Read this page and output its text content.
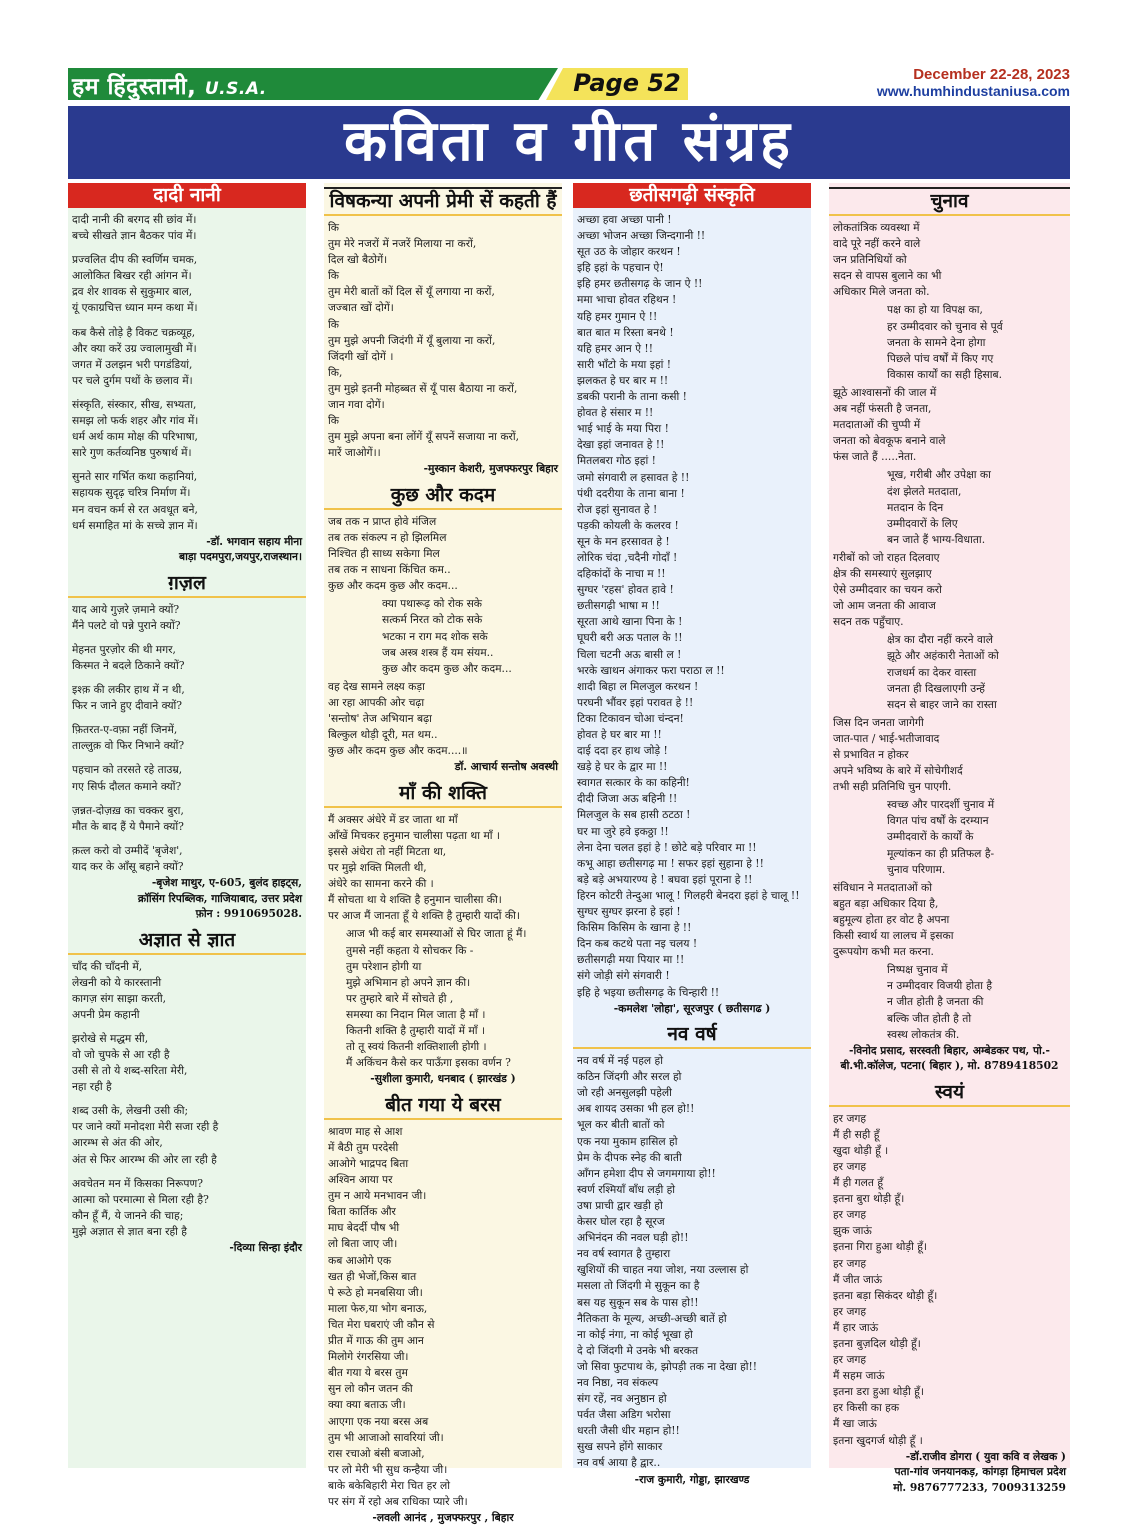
हम हिंदुस्तानी, U.S.A.	Page 52	December 22-28, 2023
www.humhindustaniusa.com
कविता व गीत संग्रह
दादी नानी
दादी नानी की बरगद सी छांव में।
बच्चे सीखते ज्ञान बैठकर पांव में।
प्रज्वलित दीप की स्वर्णिम चमक,
आलोकित बिखर रही आंगन में।
द्रव शेर शावक से सुकुमार बाल,
यूं एकाग्रचित्त ध्यान मग्न कथा में।
कब कैसे तोड़े है विकट चक्रव्यूह,
और क्या करें उग्र ज्वालामुखी में।
जगत में उलझन भरी पगडंडियां,
पर चले दुर्गम पथों के छलाव में।
संस्कृति, संस्कार, सीख, सभ्यता,
समझ लो फर्क शहर और गांव में।
धर्म अर्थ काम मोक्ष की परिभाषा,
सारे गुण कर्तव्यनिष्ठ पुरुषार्थ में।
सुनते सार गर्भित कथा कहानियां,
सहायक सुदृढ़ चरित्र निर्माण में।
मन वचन कर्म से रत अवधूत बने,
धर्म समाहित मां के सच्चे ज्ञान में।
-डॉ. भगवान सहाय मीना
बाड़ा पदमपुरा,जयपुर,राजस्थान।
ग़ज़ल
याद आये गुज़रे ज़माने क्यों?
मैंने पलटे वो पन्ने पुराने क्यों?
मेहनत पुरज़ोर की थी मगर,
किस्मत ने बदले ठिकाने क्यों?
इश्क़ की लकीर हाथ में न थी,
फिर न जाने हुए दीवाने क्यों?
फ़ितरत-ए-वफ़ा नहीं जिनमें,
ताल्लुक़ वो फिर निभाने क्यों?
पहचान को तरसते रहे ताउम्र,
गए सिर्फ दौलत कमाने क्यों?
ज़न्नत-दोज़ख़ का चक्कर बुरा,
मौत के बाद हैं ये पैमाने क्यों?
क़त्ल करो वो उम्मीदें 'बृजेश',
याद कर के आँसू बहाने क्यों?
-बृजेश माथुर, ए-605, बुलंद हाइट्स,
क्रॉसिंग रिपब्लिक, गाजियाबाद, उत्तर प्रदेश
फ़ोन : 9910695028.
अज्ञात से ज्ञात
चाँद की चाँदनी में,
लेखनी को ये कारस्तानी
कागज़ संग साझा करती,
अपनी प्रेम कहानी
झरोखे से मद्धम सी,
वो जो चुपके से आ रही है
उसी से तो ये शब्द-सरिता मेरी,
नहा रही है
शब्द उसी के, लेखनी उसी की;
पर जाने क्यों मनोदशा मेरी सजा रही है
आरम्भ से अंत की ओर,
अंत से फिर आरम्भ की ओर ला रही है
अवचेतन मन में किसका निरूपण?
आत्मा को परमात्मा से मिला रही है?
कौन हूँ मैं, ये जानने की चाह;
मुझे अज्ञात से ज्ञात बना रही है
-दिव्या सिन्हा इंदौर
विषकन्या अपनी प्रेमी सें कहती हैं
कि
तुम मेरे नजरों में नजरें मिलाया ना करों,
दिल खो बैठोगें।
कि
तुम मेरी बातों कों दिल सें यूँ लगाया ना करों,
जज्बात खों दोगें।
कि
तुम मुझे अपनी जिदंगी में यूँ बुलाया ना करों,
जिंदगी खों दोगें ।
कि,
तुम मुझे इतनी मोहब्बत सें यूँ पास बैठाया ना करों,
जान गवा दोगें।
कि
तुम मुझे अपना बना लोंगें यूँ सपनें सजाया ना करों,
मारें जाओगें।।
-मुस्कान केशरी, मुजफ्फरपुर बिहार
कुछ और कदम
जब तक न प्राप्त होवे मंजिल
तब तक संकल्प न हो झिलमिल
निश्चित ही साध्य सकेगा मिल
तब तक न साधना किंचित कम..
कुछ और कदम कुछ और कदम...
क्या पथारूढ़ को रोक सके
सत्कर्म निरत को टोक सके
भटका न राग मद शोक सके
जब अस्त्र शस्त्र हैं यम संयम..
कुछ और कदम कुछ और कदम...
वह देख सामने लक्ष्य कड़ा
आ रहा आपकी ओर चढ़ा
'सन्तोष' तेज अभियान बढ़ा
बिल्कुल थोड़ी दूरी, मत थम..
कुछ और कदम कुछ और कदम....॥
डॉ. आचार्य सन्तोष अवस्थी
माँ की शक्ति
मैं अक्सर अंधेरे में डर जाता था माँ
आँखें मिचकर हनुमान चालीसा पढ़ता था माँ ।
इससे अंधेरा तो नहीं मिटता था,
पर मुझे शक्ति मिलती थी,
अंधेरे का सामना करने की ।
मैं सोचता था ये शक्ति है हनुमान चालीसा की।
पर आज मैं जानता हूँ ये शक्ति है तुम्हारी यादों की।
आज भी कई बार समस्याओं से घिर जाता हूं मैं।
तुमसे नहीं कहता ये सोचकर कि -
तुम परेशान होगी या
मुझे अभिमान हो अपने ज्ञान की।
पर तुम्हारे बारे में सोचते ही ,
समस्या का निदान मिल जाता है माँ ।
कितनी शक्ति है तुम्हारी यादों में माँ ।
तो तू स्वयं कितनी शक्तिशाली होगी ।
मैं अकिंचन कैसे कर पाऊँगा इसका वर्णन ?
-सुशीला कुमारी, धनबाद ( झारखंड )
बीत गया ये बरस
श्रावण माह से आश
में बैठी तुम परदेसी
आओगे भाद्रपद बिता
अश्विन आया पर
तुम न आये मनभावन जी।
बिता कार्तिक और
माघ बेदर्दी पौष भी
लो बिता जाए जी।
कब आओगे एक
खत ही भेजों,किस बात
पे रूठे हो मनबसिया जी।
माला फेरु,या भोग बनाऊ,
चित मेरा घबराएं जी कौन से
प्रीत में गाऊ की तुम आन
मिलोगे रंगरसिया जी।
बीत गया ये बरस तुम
सुन लो कौन जतन की
क्या क्या बताऊ जी।
आएगा एक नया बरस अब
तुम भी आजाओ सावरियां जी।
रास रचाओ बंसी बजाओ,
पर लो मेरी भी सुध कन्हैया जी।
बाके बकेबिहारी मेरा चित हर लो
पर संग में रहो अब राधिका प्यारे जी।
-लवली आनंद , मुजफ्फरपुर , बिहार
छतीसगढ़ी संस्कृति
अच्छा हवा अच्छा पानी !
अच्छा भोजन अच्छा जिन्दगानी !!
सूत उठ के जोहार करथन !
इहि इहां के पहचान ऐ!
इहि हमर छतीसगढ़ के जान ऐ !!
ममा भाचा होवत रहिथन !
यहि हमर गुमान ऐ !!
बात बात म रिस्ता बनथे !
यहि हमर आन ऐ !!
सारी भाँटो के मया इहां !
झलकत हे घर बार म !!
डबकी परानी के ताना कसी !
होवत हे संसार म !!
भाई भाई के मया पिरा !
देखा इहां जनावत हे !!
मितलबरा गोठ इहां !
जमो संगवारी ल हसावत हे !!
पंथी ददरीया के ताना बाना !
रोज इहां सुनावत हे !
पड़की कोयली के कलरव !
सून के मन हरसावत हे !
लोरिक चंदा ,चदैनी गोदाँ !
दहिकांदों के नाचा म !!
सुग्घर 'रहस' होवत हावे !
छतीसगढ़ी भाषा म !!
सूरता आथे खाना पिना के !
घूघरी बरी अऊ पताल के !!
चिला चटनी अऊ बासी ल !
भरके खाथन अंगाकर फरा पराठा ल !!
शादी बिहा ल मिलजुल करथन !
परघनी भौंवर इहां परावत हे !!
टिका टिकावन चोआ चंन्दन!
होवत हे घर बार मा !!
दाई ददा हर हाथ जोड़े !
खड़े हे घर के द्वार मा !!
स्वागत सत्कार के का कहिनी!
दीदी जिजा अऊ बहिनी !!
मिलजुल के सब हासी ठटठा !
घर मा जुरे हवे इकठ्ठा !!
लेना देना चलत इहां हे ! छोटे बड़े परिवार मा !!
कभू आहा छतीसगढ़ मा ! सफर इहां सुहाना हे !!
बड़े बड़े अभयारण्य हे ! बघवा इहां पूराना हे !!
हिरन कोटरी तेन्दुआ भालू ! गिलहरी बेनदरा इहां हे चालू !!
सुग्घर सुग्घर झरना हे इहां !
किसिम किसिम के खाना हे !!
दिन कब कटथे पता नइ चलय !
छतीसगढ़ी मया पियार मा !!
संगे जोड़ी संगे संगवारी !
इहि हे भइया छतीसगढ़ के चिन्हारी !!
-कमलेश 'लोहा', सूरजपुर ( छतीसगढ )
नव वर्ष
नव वर्ष में नई पहल हो
कठिन जिंदगी और सरल हो
जो रही अनसुलझी पहेली
अब शायद उसका भी हल हो!!
भूल कर बीती बातों को
एक नया मुकाम हासिल हो
प्रेम के दीपक स्नेह की बाती
आँगन हमेशा दीप से जगमगाया हो!!
स्वर्ण रश्मियाँ बाँध लड़ी हो
उषा प्राची द्वार खड़ी हो
केसर घोल रहा है सूरज
अभिनंदन की नवल घड़ी हो!!
नव वर्ष स्वागत है तुम्हारा
खुशियों की चाहत नया जोश, नया उल्लास हो
मसला तो जिंदगी मे सुकून का है
बस यह सुकून सब के पास हो!!
नैतिकता के मूल्य, अच्छी-अच्छी बातें हो
ना कोई नंगा, ना कोई भूखा हो
दे दो जिंदगी मे उनके भी बरकत
जो सिवा फुटपाथ के, झोपड़ी तक ना देखा हो!!
नव निष्ठा, नव संकल्प
संग रहें, नव अनुष्ठान हो
पर्वत जैसा अडिग भरोसा
धरती जैसी धीर महान हो!!
सुख सपने होंगे साकार
नव वर्ष आया है द्वार..
-राज कुमारी, गोड्डा, झारखण्ड
चुनाव
लोकतांत्रिक व्यवस्था में
वादे पूरे नहीं करने वाले
जन प्रतिनिधियों को
सदन से वापस बुलाने का भी
अधिकार मिले जनता को.
पक्ष का हो या विपक्ष का,
हर उम्मीदवार को चुनाव से पूर्व
जनता के सामने देना होगा
पिछले पांच वर्षों में किए गए
विकास कार्यों का सही हिसाब.
झूठे आश्वासनों की जाल में
अब नहीं फंसती है जनता,
मतदाताओं की चुप्पी में
जनता को बेवकूफ बनाने वाले
फंस जाते हैं .....नेता.
भूख, गरीबी और उपेक्षा का
दंश झेलते मतदाता,
मतदान के दिन
उम्मीदवारों के लिए
बन जाते हैं भाग्य-विधाता.
गरीबों को जो राहत दिलवाए
क्षेत्र की समस्याएं सुलझाए
ऐसे उम्मीदवार का चयन करो
जो आम जनता की आवाज
सदन तक पहुँचाए.
क्षेत्र का दौरा नहीं करने वाले
झूठे और अहंकारी नेताओं को
राजधर्म का देकर वास्ता
जनता ही दिखलाएगी उन्हें
सदन से बाहर जाने का रास्ता
जिस दिन जनता जागेगी
जात-पात / भाई-भतीजावाद
से प्रभावित न होकर
अपने भविष्य के बारे में सोचेगीशर्द
तभी सही प्रतिनिधि चुन पाएगी.
स्वच्छ और पारदर्शी चुनाव में
विगत पांच वर्षों के दरम्यान
उम्मीदवारों के कार्यों के
मूल्यांकन का ही प्रतिफल है-
चुनाव परिणाम.
संविधान ने मतदाताओं को
बहुत बड़ा अधिकार दिया है,
बहुमूल्य होता हर वोट है अपना
किसी स्वार्थ या लालच में इसका
दुरूपयोग कभी मत करना.
निष्पक्ष चुनाव में
न उम्मीदवार विजयी होता है
न जीत होती है जनता की
बल्कि जीत होती है तो
स्वस्थ लोकतंत्र की.
-विनोद प्रसाद, सरस्वती बिहार, अम्बेडकर पथ, पो.-
बी.भी.कॉलेज, पटना( बिहार ), मो. 8789418502
स्वयं
हर जगह
मैं ही सही हूँ
खुदा थोड़ी हूँ ।
हर जगह
मैं ही गलत हूँ
इतना बुरा थोड़ी हूँ।
हर जगह
झुक जाऊं
इतना गिरा हुआ थोड़ी हूँ।
हर जगह
मैं जीत जाऊं
इतना बड़ा सिकंदर थोड़ी हूँ।
हर जगह
मैं हार जाऊं
इतना बुज़दिल थोड़ी हूँ।
हर जगह
मैं सहम जाऊं
इतना डरा हुआ थोड़ी हूँ।
हर किसी का हक
मैं खा जाऊं
इतना खुदगर्ज थोड़ी हूँ ।
-डॉ.राजीव डोगरा ( युवा कवि व लेखक )
पता-गांव जनयानकड़, कांगड़ा हिमाचल प्रदेश
मो. 9876777233, 7009313259
